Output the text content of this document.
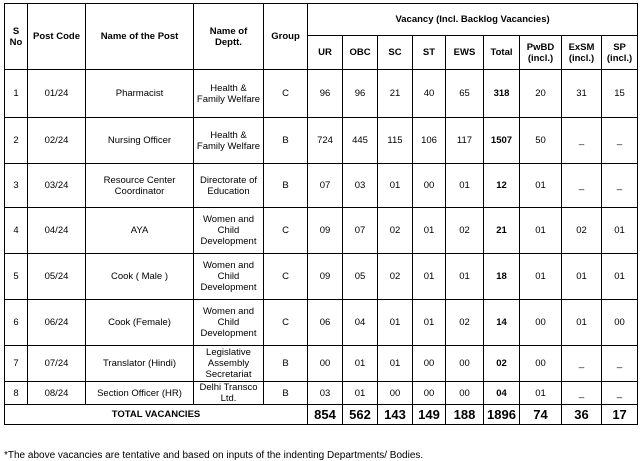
S No	Post Code	Name of the Post	Name of Deptt.	Group	Vacancy (Incl. Backlog Vacancies)								
					UR	OBC	SC	ST	EWS	Total	PwBD (incl.)	ExSM (incl.)	SP (incl.)
1	01/24	Pharmacist	Health & Family Welfare	C	96	96	21	40	65	318	20	31	15
2	02/24	Nursing Officer	Health & Family Welfare	B	724	445	115	106	117	1507	50	_	_
3	03/24	Resource Center Coordinator	Directorate of Education	B	07	03	01	00	01	12	01	_	_
4	04/24	AYA	Women and Child Development	C	09	07	02	01	02	21	01	02	01
5	05/24	Cook ( Male )	Women and Child Development	C	09	05	02	01	01	18	01	01	01
6	06/24	Cook (Female)	Women and Child Development	C	06	04	01	01	02	14	00	01	00
7	07/24	Translator (Hindi)	Legislative Assembly Secretariat	B	00	01	01	00	00	02	00	_	_
8	08/24	Section Officer (HR)	Delhi Transco Ltd.	B	03	01	00	00	00	04	01	_	_
TOTAL VACANCIES					854	562	143	149	188	1896	74	36	17
*The above vacancies are tentative and based on inputs of the indenting Departments/ Bodies.
